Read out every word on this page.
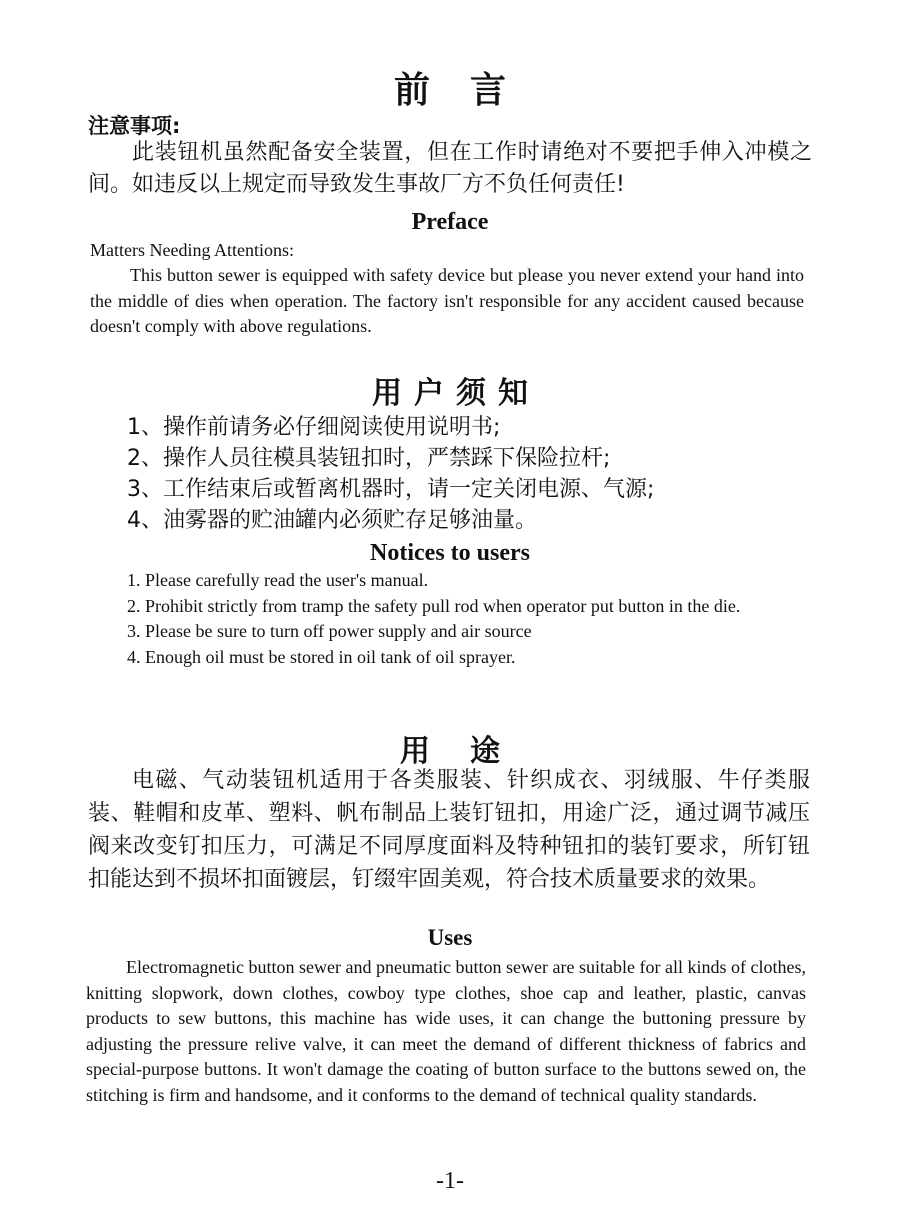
前言
注意事项:

此装钮机虽然配备安全装置，但在工作时请绝对不要把手伸入冲模之间。如违反以上规定而导致发生事故厂方不负任何责任!

Preface
Matters Needing Attentions:

This button sewer is equipped with safety device but please you never extend your hand into the middle of dies when operation. The factory isn't responsible for any accident caused because doesn't comply with above regulations.

用户须知
1、操作前请务必仔细阅读使用说明书;
2、操作人员往模具装钮扣时，严禁踩下保险拉杆;
3、工作结束后或暂离机器时，请一定关闭电源、气源;
4、油雾器的贮油罐内必须贮存足够油量。
Notices to users
1. Please carefully read the user's manual.
2. Prohibit strictly from tramp the safety pull rod when operator put button in the die.
3. Please be sure to turn off power supply and air source
4. Enough oil must be stored in oil tank of oil sprayer.
用途

电磁、气动装钮机适用于各类服装、针织成衣、羽绒服、牛仔类服装、鞋帽和皮革、塑料、帆布制品上装钉钮扣，用途广泛，通过调节减压阀来改变钉扣压力，可满足不同厚度面料及特种钮扣的装钉要求，所钉钮扣能达到不损坏扣面镀层，钉缀牢固美观，符合技术质量要求的效果。

Uses

Electromagnetic button sewer and pneumatic button sewer are suitable for all kinds of clothes, knitting slopwork, down clothes, cowboy type clothes, shoe cap and leather, plastic, canvas products to sew buttons, this machine has wide uses, it can change the buttoning pressure by adjusting the pressure relive valve, it can meet the demand of different thickness of fabrics and special-purpose buttons. It won't damage the coating of button surface to the buttons sewed on, the stitching is firm and handsome, and it conforms to the demand of technical quality standards.

-1-
